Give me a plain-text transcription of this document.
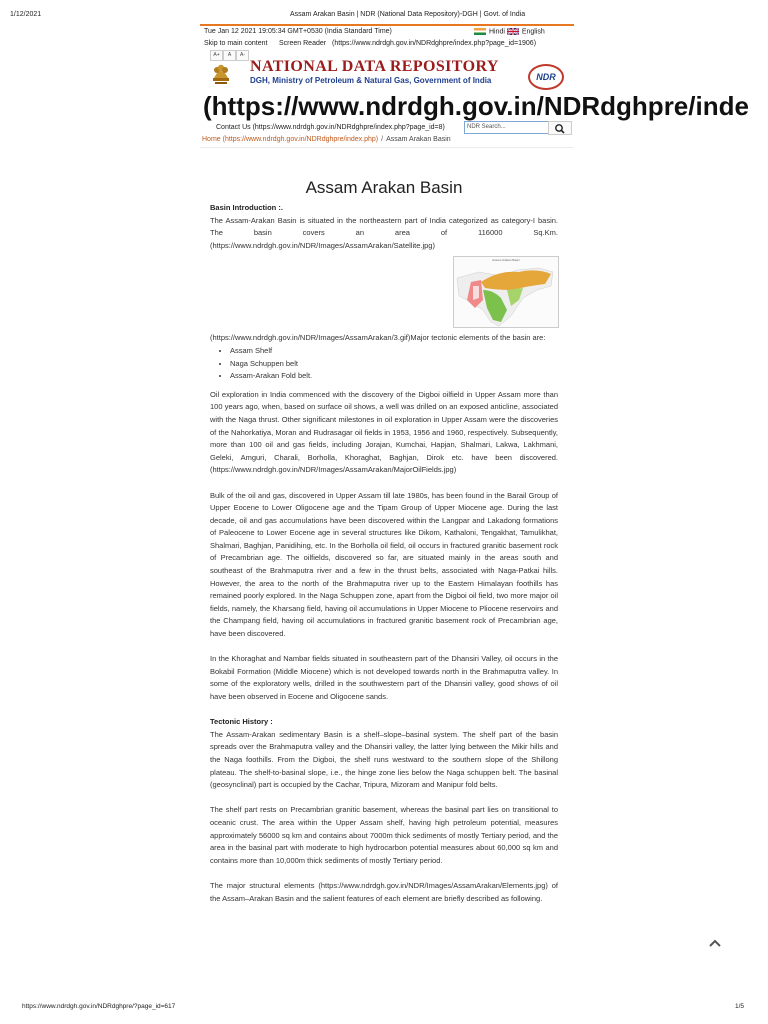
1/12/2021	Assam Arakan Basin | NDR (National Data Repository)-DGH | Govt. of India
Tue Jan 12 2021 19:05:34 GMT+0530 (India Standard Time)	Hindi English
Skip to main content Screen Reader (https://www.ndrdgh.gov.in/NDRdghpre/index.php?page_id=1906)
A+	A	A-
NATIONAL DATA REPOSITORY
DGH, Ministry of Petroleum & Natural Gas, Government of India	NDR
(https://www.ndrdgh.gov.in/NDRdghpre/inde
Contact Us (https://www.ndrdgh.gov.in/NDRdghpre/index.php?page_id=8)	NDR Search...
Home (https://www.ndrdgh.gov.in/NDRdghpre/index.php) / Assam Arakan Basin
Assam Arakan Basin
Basin Introduction :.

The Assam-Arakan Basin is situated in the northeastern part of India categorized as category-I basin. The basin covers an area of 116000 Sq.Km. (https://www.ndrdgh.gov.in/NDR/Images/AssamArakan/Satellite.jpg)

Assam Arakan Basin

(https://www.ndrdgh.gov.in/NDR/Images/AssamArakan/3.gif)Major tectonic elements of the basin are:

• Assam Shelf
• Naga Schuppen belt
• Assam-Arakan Fold belt.

Oil exploration in India commenced with the discovery of the Digboi oilfield in Upper Assam more than 100 years ago, when, based on surface oil shows, a well was drilled on an exposed anticline, associated with the Naga thrust. Other significant milestones in oil exploration in Upper Assam were the discoveries of the Nahorkatiya, Moran and Rudrasagar oil fields in 1953, 1956 and 1960, respectively. Subsequently, more than 100 oil and gas fields, including Jorajan, Kumchai, Hapjan, Shalmari, Lakwa, Lakhmani, Geleki, Amguri, Charali, Borholla, Khoraghat, Baghjan, Dirok etc. have been discovered. (https://www.ndrdgh.gov.in/NDR/Images/AssamArakan/MajorOilFields.jpg)

Bulk of the oil and gas, discovered in Upper Assam till late 1980s, has been found in the Barail Group of Upper Eocene to Lower Oligocene age and the Tipam Group of Upper Miocene age. During the last decade, oil and gas accumulations have been discovered within the Langpar and Lakadong formations of Paleocene to Lower Eocene age in several structures like Dikom, Kathaloni, Tengakhat, Tamulikhat, Shalmari, Baghjan, Panidihing, etc. In the Borholla oil field, oil occurs in fractured granitic basement rock of Precambrian age. The oilfields, discovered so far, are situated mainly in the areas south and southeast of the Brahmaputra river and a few in the thrust belts, associated with Naga-Patkai hills. However, the area to the north of the Brahmaputra river up to the Eastern Himalayan foothills has remained poorly explored. In the Naga Schuppen zone, apart from the Digboi oil field, two more major oil fields, namely, the Kharsang field, having oil accumulations in Upper Miocene to Pliocene reservoirs and the Champang field, having oil accumulations in fractured granitic basement rock of Precambrian age, have been discovered.

In the Khoraghat and Nambar fields situated in southeastern part of the Dhansiri Valley, oil occurs in the Bokabil Formation (Middle Miocene) which is not developed towards north in the Brahmaputra valley. In some of the exploratory wells, drilled in the southwestern part of the Dhansiri valley, good shows of oil have been observed in Eocene and Oligocene sands.

Tectonic History :

The Assam-Arakan sedimentary Basin is a shelf–slope–basinal system. The shelf part of the basin spreads over the Brahmaputra valley and the Dhansiri valley, the latter lying between the Mikir hills and the Naga foothills. From the Digboi, the shelf runs westward to the southern slope of the Shillong plateau. The shelf-to-basinal slope, i.e., the hinge zone lies below the Naga schuppen belt. The basinal (geosynclinal) part is occupied by the Cachar, Tripura, Mizoram and Manipur fold belts.

The shelf part rests on Precambrian granitic basement, whereas the basinal part lies on transitional to oceanic crust. The area within the Upper Assam shelf, having high petroleum potential, measures approximately 56000 sq km and contains about 7000m thick sediments of mostly Tertiary period, and the area in the basinal part with moderate to high hydrocarbon potential measures about 60,000 sq km and contains more than 10,000m thick sediments of mostly Tertiary period.

The major structural elements (https://www.ndrdgh.gov.in/NDR/Images/AssamArakan/Elements.jpg) of the Assam–Arakan Basin and the salient features of each element are briefly described as following.

https://www.ndrdgh.gov.in/NDRdghpre/?page_id=617	1/5
